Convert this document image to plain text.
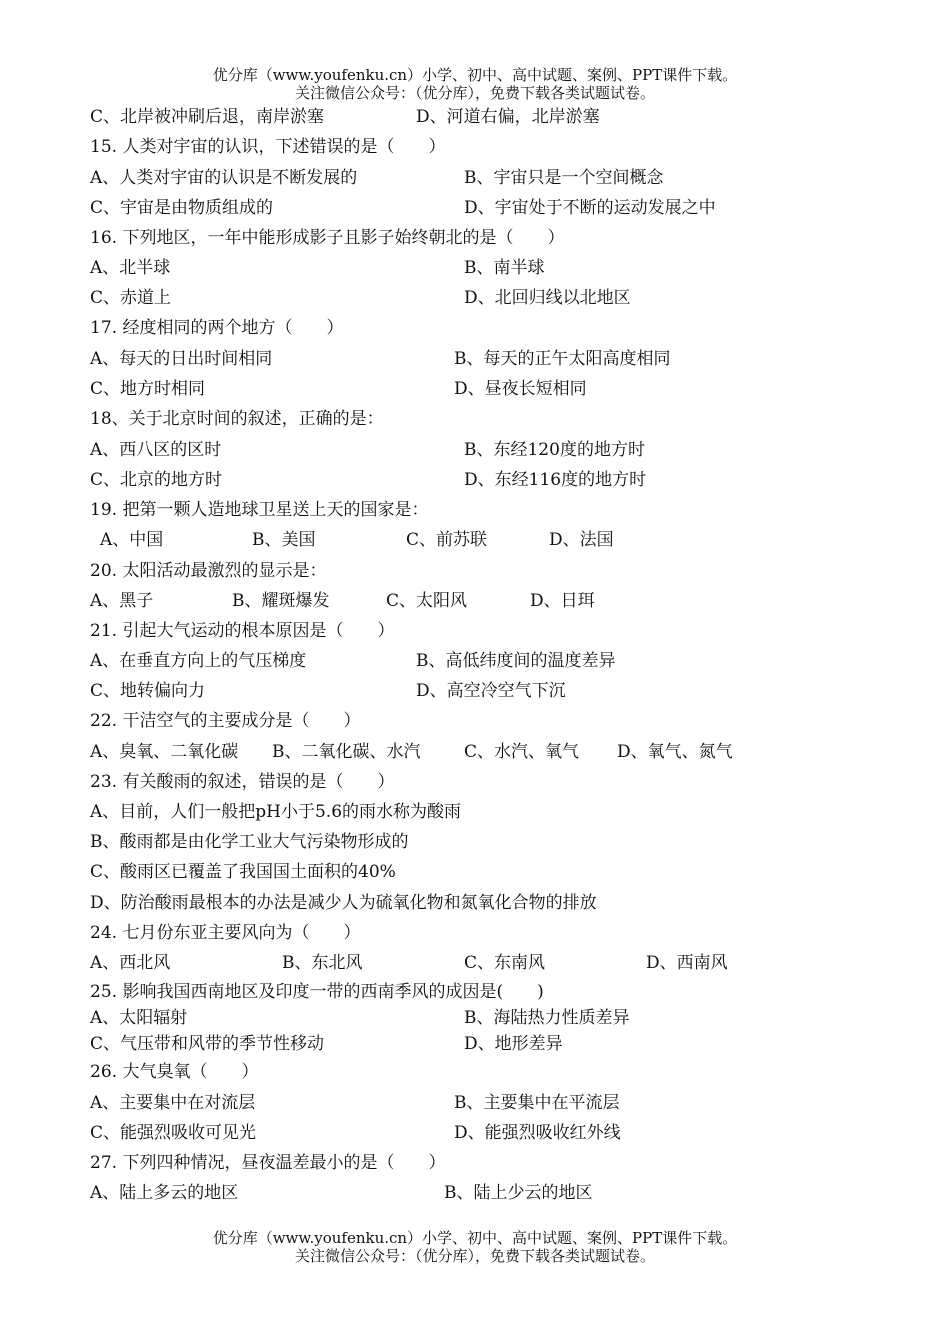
优分库（www.youfenku.cn）小学、初中、高中试题、案例、PPT课件下载。
关注微信公众号：（优分库），免费下载各类试题试卷。
C、北岸被冲刷后退，南岸淤塞	D、河道右偏，北岸淤塞
15. 人类对宇宙的认识，下述错误的是（　　）
A、人类对宇宙的认识是不断发展的	B、宇宙只是一个空间概念
C、宇宙是由物质组成的	D、宇宙处于不断的运动发展之中
16. 下列地区，一年中能形成影子且影子始终朝北的是（　　）
A、北半球	B、南半球
C、赤道上	D、北回归线以北地区
17. 经度相同的两个地方（　　）
A、每天的日出时间相同	B、每天的正午太阳高度相同
C、地方时相同	D、昼夜长短相同
18、关于北京时间的叙述，正确的是：
A、西八区的区时	B、东经120度的地方时
C、北京的地方时	D、东经116度的地方时
19. 把第一颗人造地球卫星送上天的国家是：
A、中国	B、美国	C、前苏联	D、法国
20. 太阳活动最激烈的显示是：
A、黑子	B、耀斑爆发	C、太阳风	D、日珥
21. 引起大气运动的根本原因是（　　）
A、在垂直方向上的气压梯度	B、高低纬度间的温度差异
C、地转偏向力	D、高空冷空气下沉
22. 干洁空气的主要成分是（　　）
A、臭氧、二氧化碳 B、二氧化碳、水汽	C、水汽、氧气 D、氧气、氮气
23. 有关酸雨的叙述，错误的是（　　）
A、目前，人们一般把pH小于5.6的雨水称为酸雨
B、酸雨都是由化学工业大气污染物形成的
C、酸雨区已覆盖了我国国土面积的40%
D、防治酸雨最根本的办法是减少人为硫氧化物和氮氧化合物的排放
24. 七月份东亚主要风向为（　　）
A、西北风	B、东北风	C、东南风	D、西南风
25. 影响我国西南地区及印度一带的西南季风的成因是(　　)
A、太阳辐射	B、海陆热力性质差异
C、气压带和风带的季节性移动	D、地形差异
26. 大气臭氧（　　）
A、主要集中在对流层	B、主要集中在平流层
C、能强烈吸收可见光	D、能强烈吸收红外线
27. 下列四种情况，昼夜温差最小的是（　　）
A、陆上多云的地区	B、陆上少云的地区
优分库（www.youfenku.cn）小学、初中、高中试题、案例、PPT课件下载。
关注微信公众号：（优分库），免费下载各类试题试卷。
